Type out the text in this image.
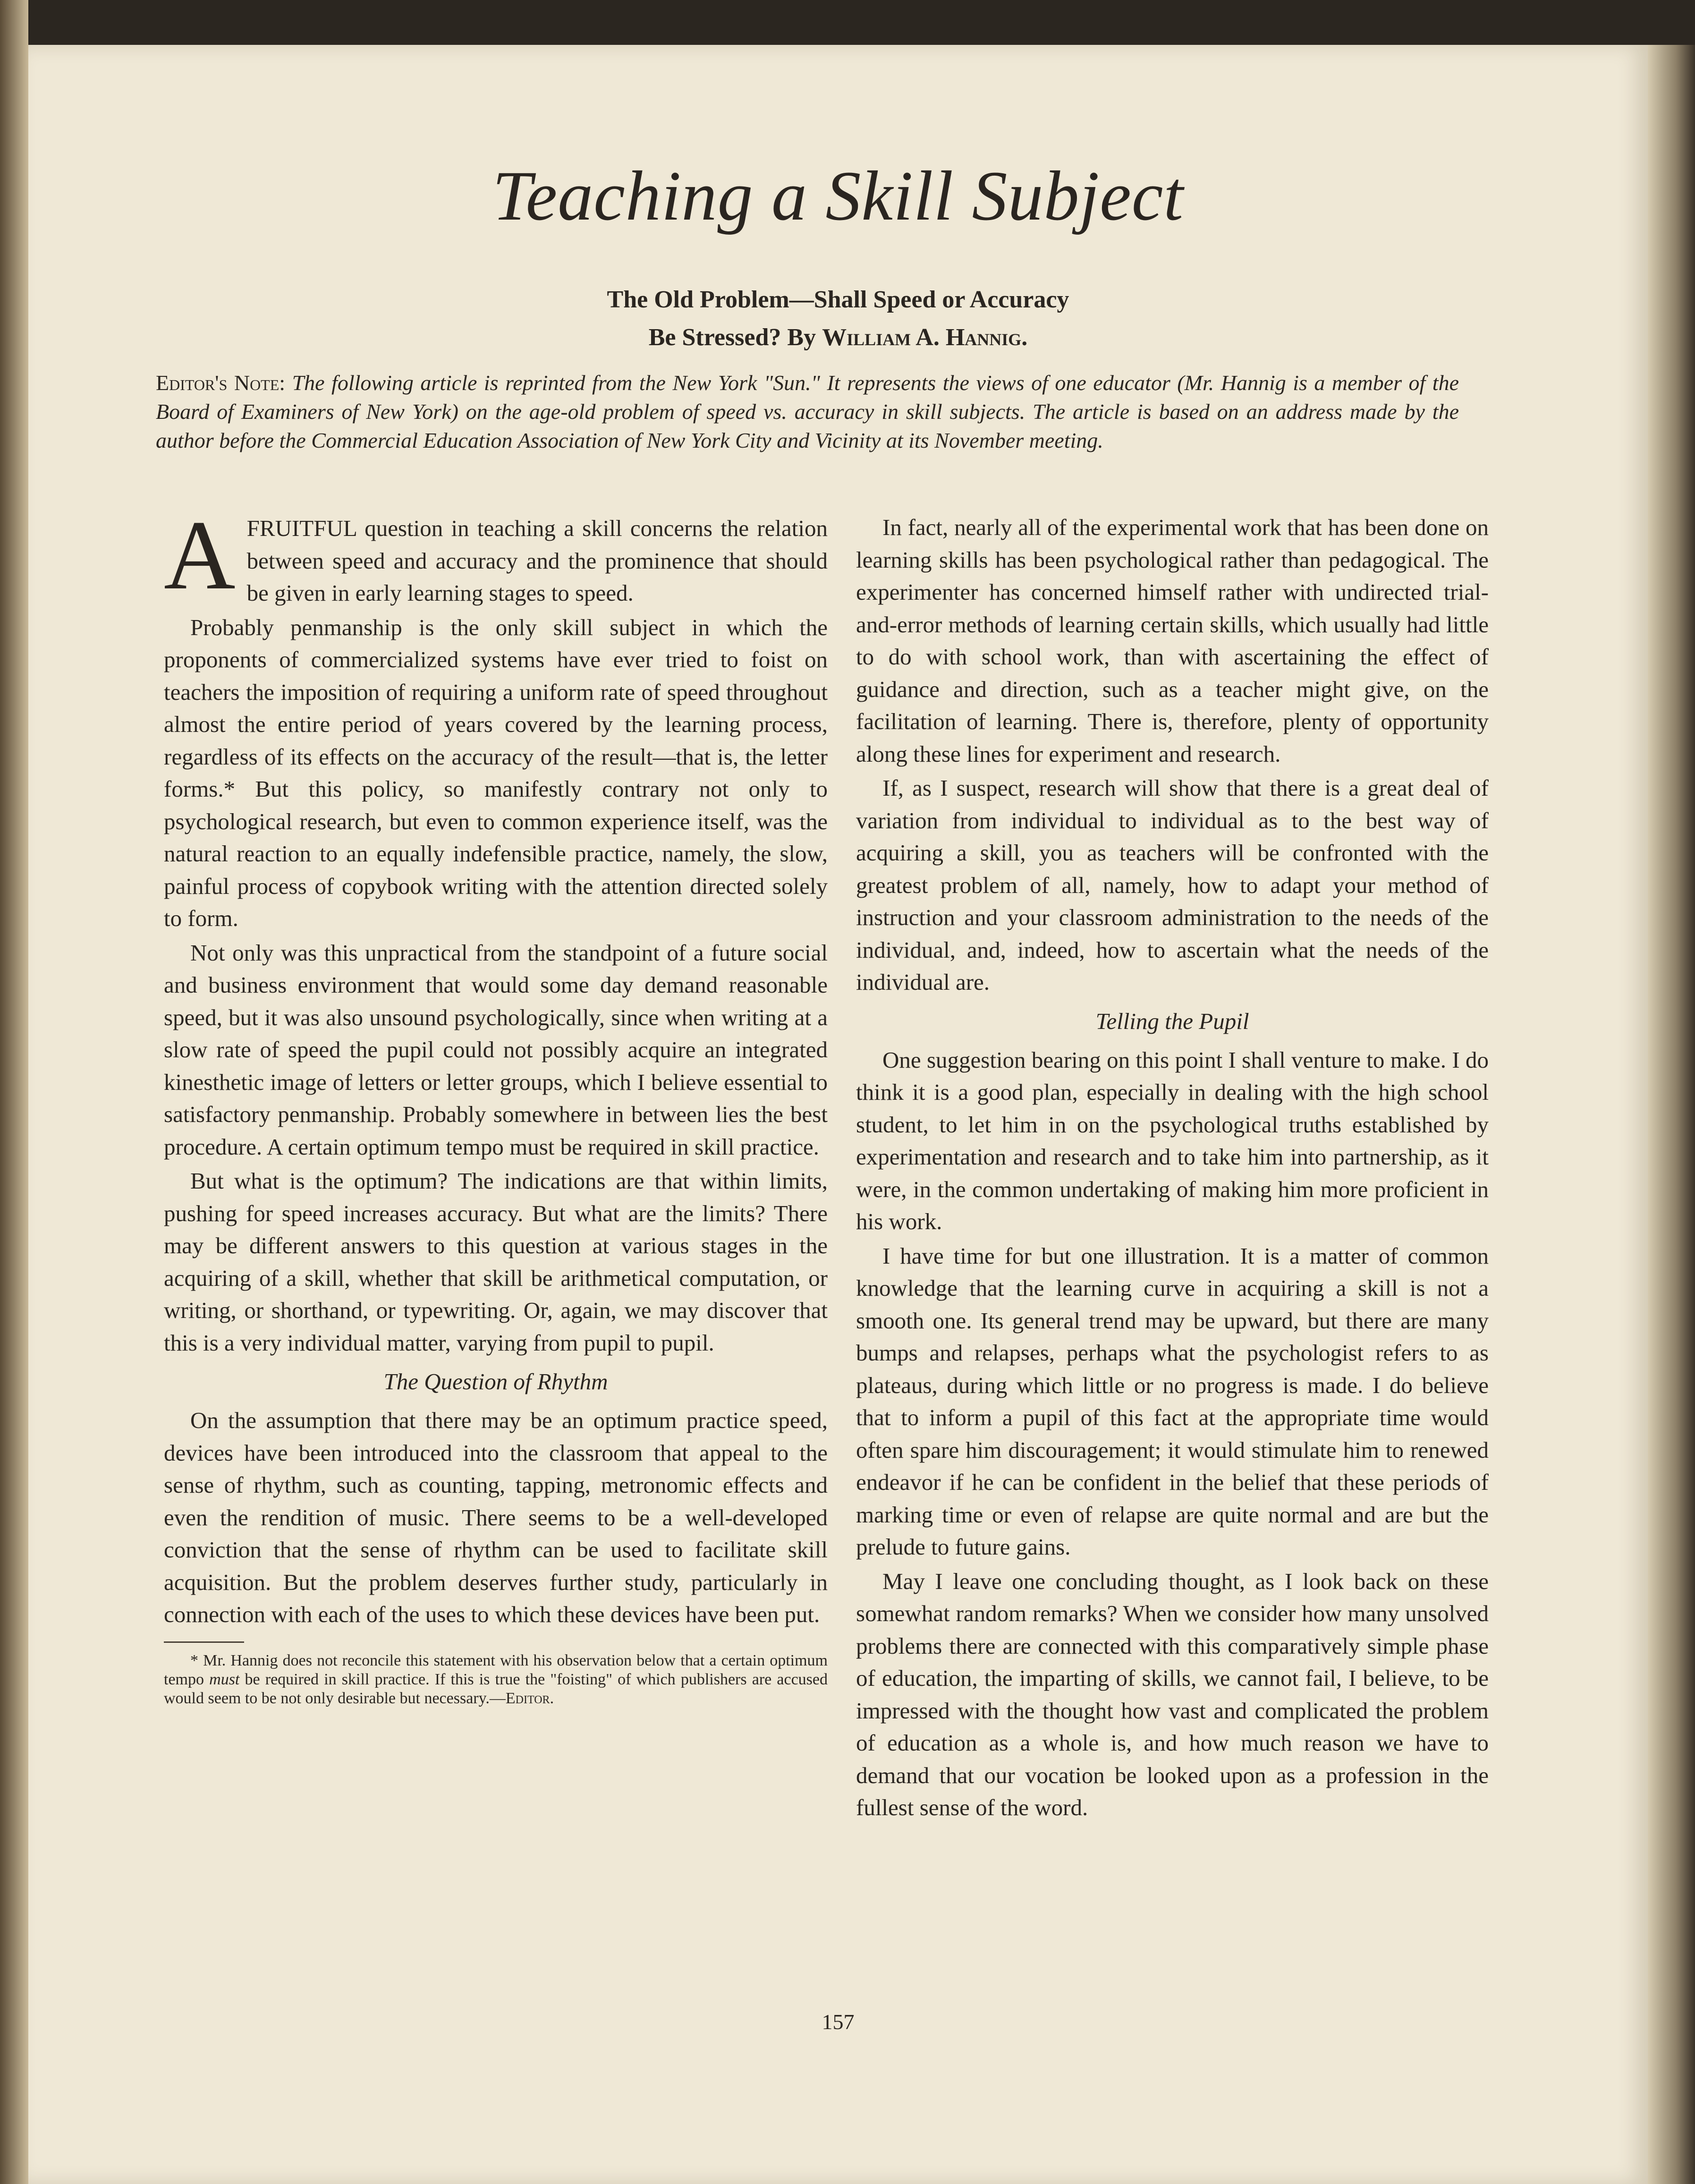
Teaching a Skill Subject
The Old Problem—Shall Speed or Accuracy
Be Stressed? By William A. Hannig.
Editor's Note: The following article is reprinted from the New York "Sun." It represents the views of one educator (Mr. Hannig is a member of the Board of Examiners of New York) on the age-old problem of speed vs. accuracy in skill subjects. The article is based on an address made by the author before the Commercial Education Association of New York City and Vicinity at its November meeting.

AFRUITFUL question in teaching a skill concerns the relation between speed and accuracy and the prominence that should be given in early learning stages to speed.

Probably penmanship is the only skill subject in which the proponents of commercialized systems have ever tried to foist on teachers the imposition of requiring a uniform rate of speed throughout almost the entire period of years covered by the learning process, regardless of its effects on the accuracy of the result—that is, the letter forms.* But this policy, so manifestly contrary not only to psychological research, but even to common experience itself, was the natural reaction to an equally indefensible practice, namely, the slow, painful process of copybook writing with the attention directed solely to form.

Not only was this unpractical from the standpoint of a future social and business environment that would some day demand reasonable speed, but it was also unsound psychologically, since when writing at a slow rate of speed the pupil could not possibly acquire an integrated kinesthetic image of letters or letter groups, which I believe essential to satisfactory penmanship. Probably somewhere in between lies the best procedure. A certain optimum tempo must be required in skill practice.

But what is the optimum? The indications are that within limits, pushing for speed increases accuracy. But what are the limits? There may be different answers to this question at various stages in the acquiring of a skill, whether that skill be arithmetical computation, or writing, or shorthand, or typewriting. Or, again, we may discover that this is a very individual matter, varying from pupil to pupil.

The Question of Rhythm

On the assumption that there may be an optimum practice speed, devices have been introduced into the classroom that appeal to the sense of rhythm, such as counting, tapping, metronomic effects and even the rendition of music. There seems to be a well-developed conviction that the sense of rhythm can be used to facilitate skill acquisition. But the problem deserves further study, particularly in connection with each of the uses to which these devices have been put.

* Mr. Hannig does not reconcile this statement with his observation below that a certain optimum tempo must be required in skill practice. If this is true the "foisting" of which publishers are accused would seem to be not only desirable but necessary.—Editor.

In fact, nearly all of the experimental work that has been done on learning skills has been psychological rather than pedagogical. The experimenter has concerned himself rather with undirected trial-and-error methods of learning certain skills, which usually had little to do with school work, than with ascertaining the effect of guidance and direction, such as a teacher might give, on the facilitation of learning. There is, therefore, plenty of opportunity along these lines for experiment and research.

If, as I suspect, research will show that there is a great deal of variation from individual to individual as to the best way of acquiring a skill, you as teachers will be confronted with the greatest problem of all, namely, how to adapt your method of instruction and your classroom administration to the needs of the individual, and, indeed, how to ascertain what the needs of the individual are.

Telling the Pupil

One suggestion bearing on this point I shall venture to make. I do think it is a good plan, especially in dealing with the high school student, to let him in on the psychological truths established by experimentation and research and to take him into partnership, as it were, in the common undertaking of making him more proficient in his work.

I have time for but one illustration. It is a matter of common knowledge that the learning curve in acquiring a skill is not a smooth one. Its general trend may be upward, but there are many bumps and relapses, perhaps what the psychologist refers to as plateaus, during which little or no progress is made. I do believe that to inform a pupil of this fact at the appropriate time would often spare him discouragement; it would stimulate him to renewed endeavor if he can be confident in the belief that these periods of marking time or even of relapse are quite normal and are but the prelude to future gains.

May I leave one concluding thought, as I look back on these somewhat random remarks? When we consider how many unsolved problems there are connected with this comparatively simple phase of education, the imparting of skills, we cannot fail, I believe, to be impressed with the thought how vast and complicated the problem of education as a whole is, and how much reason we have to demand that our vocation be looked upon as a profession in the fullest sense of the word.

157
